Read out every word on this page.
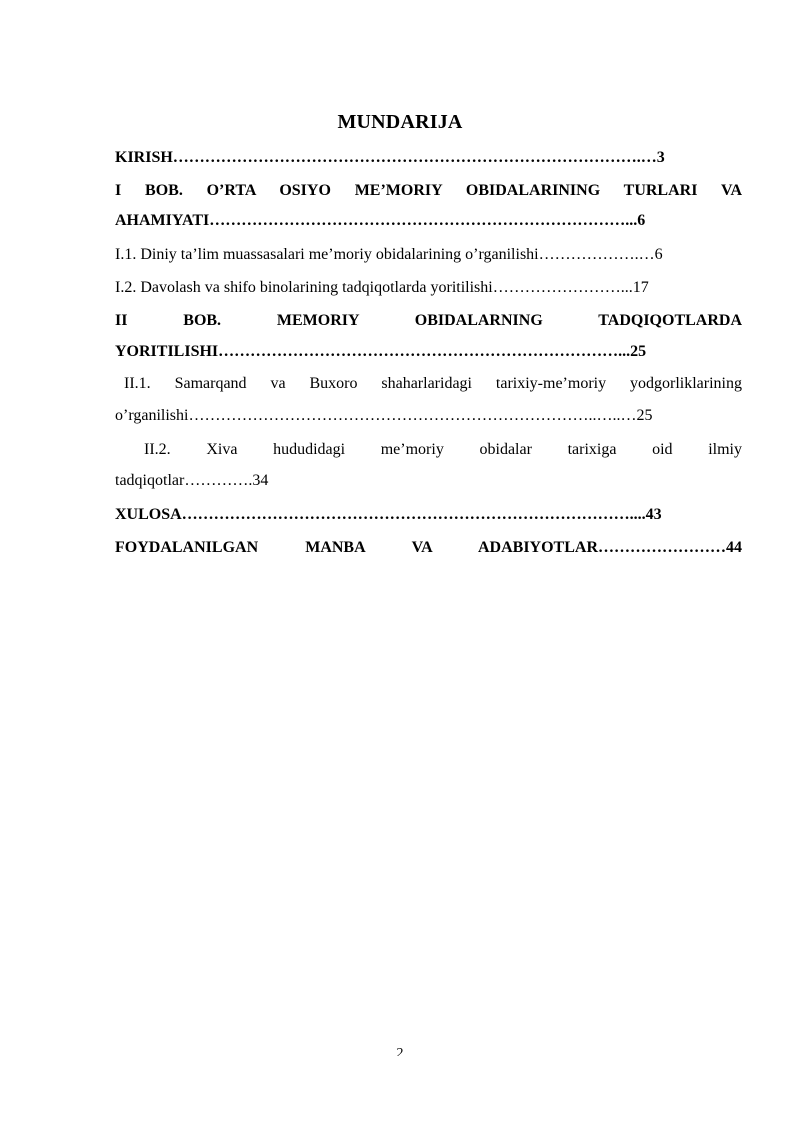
MUNDARIJA
KIRISH…………………………………………………………………………….…3
I BOB. O’RTA OSIYO ME’MORIY OBIDALARINING TURLARI VA
AHAMIYATI……………………………………………………………………...6
I.1. Diniy ta’lim muassasalari me’moriy obidalarining o’rganilishi……………….…6
I.2. Davolash va shifo binolarining tadqiqotlarda yoritilishi……………………...17
II BOB. MEMORIY OBIDALARNING TADQIQOTLARDA
YORITILISHI…………………………………………………………………...25
II.1. Samarqand va Buxoro shaharlaridagi tarixiy-me’moriy yodgorliklarining
o’rganilishi…………………………………………………………………..…..…25
II.2. Xiva hududidagi me’moriy obidalar tarixiga oid ilmiy
tadqiqotlar………….34
XULOSA…………………………………………………………………………....43
FOYDALANILGAN MANBA VA ADABIYOTLAR……………………44
2
